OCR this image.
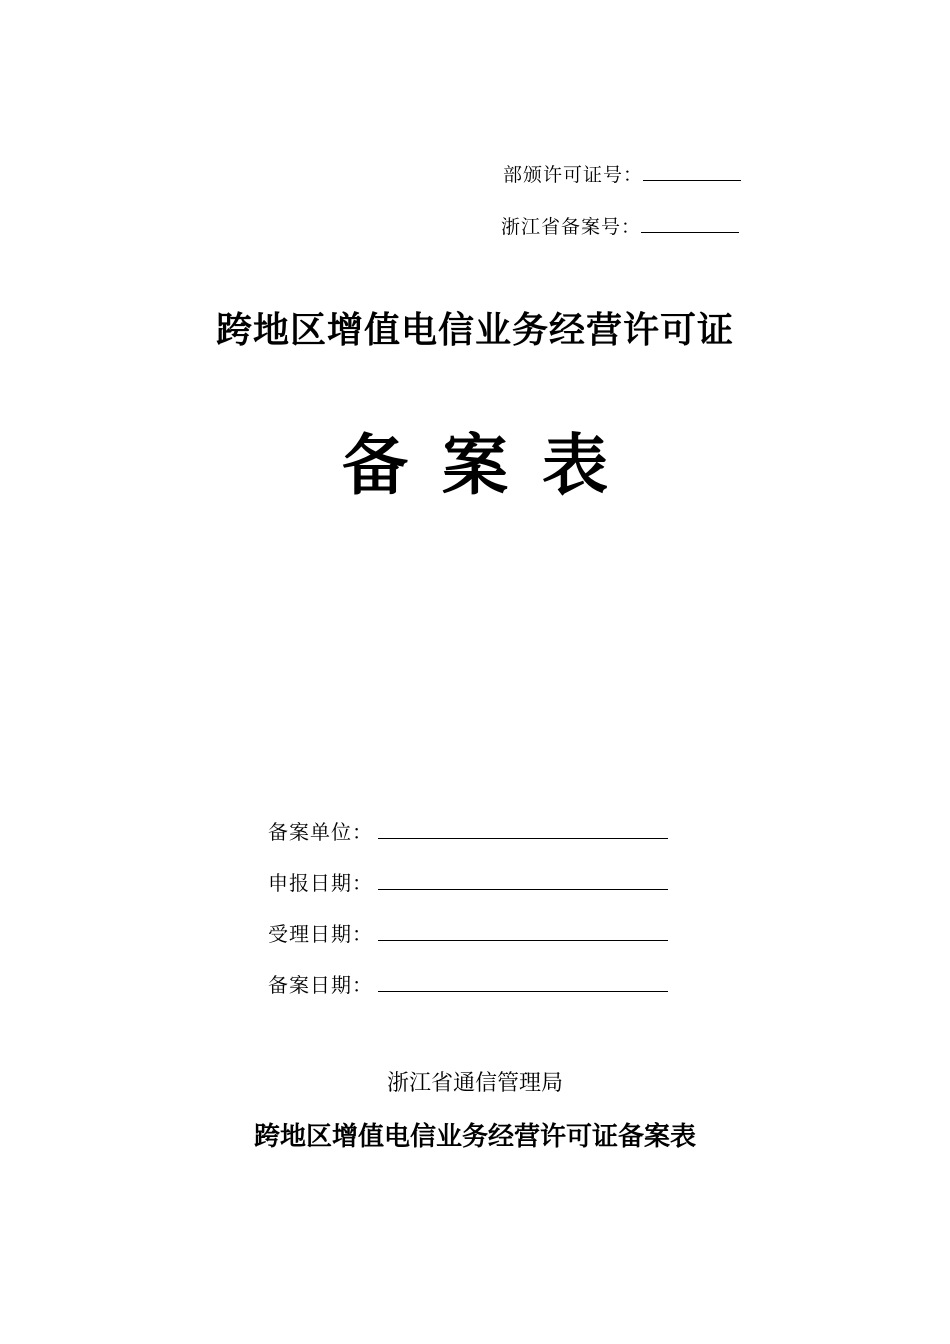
部颁许可证号：
浙江省备案号：
跨地区增值电信业务经营许可证
备案表
备案单位：
申报日期：
受理日期：
备案日期：
浙江省通信管理局
跨地区增值电信业务经营许可证备案表
